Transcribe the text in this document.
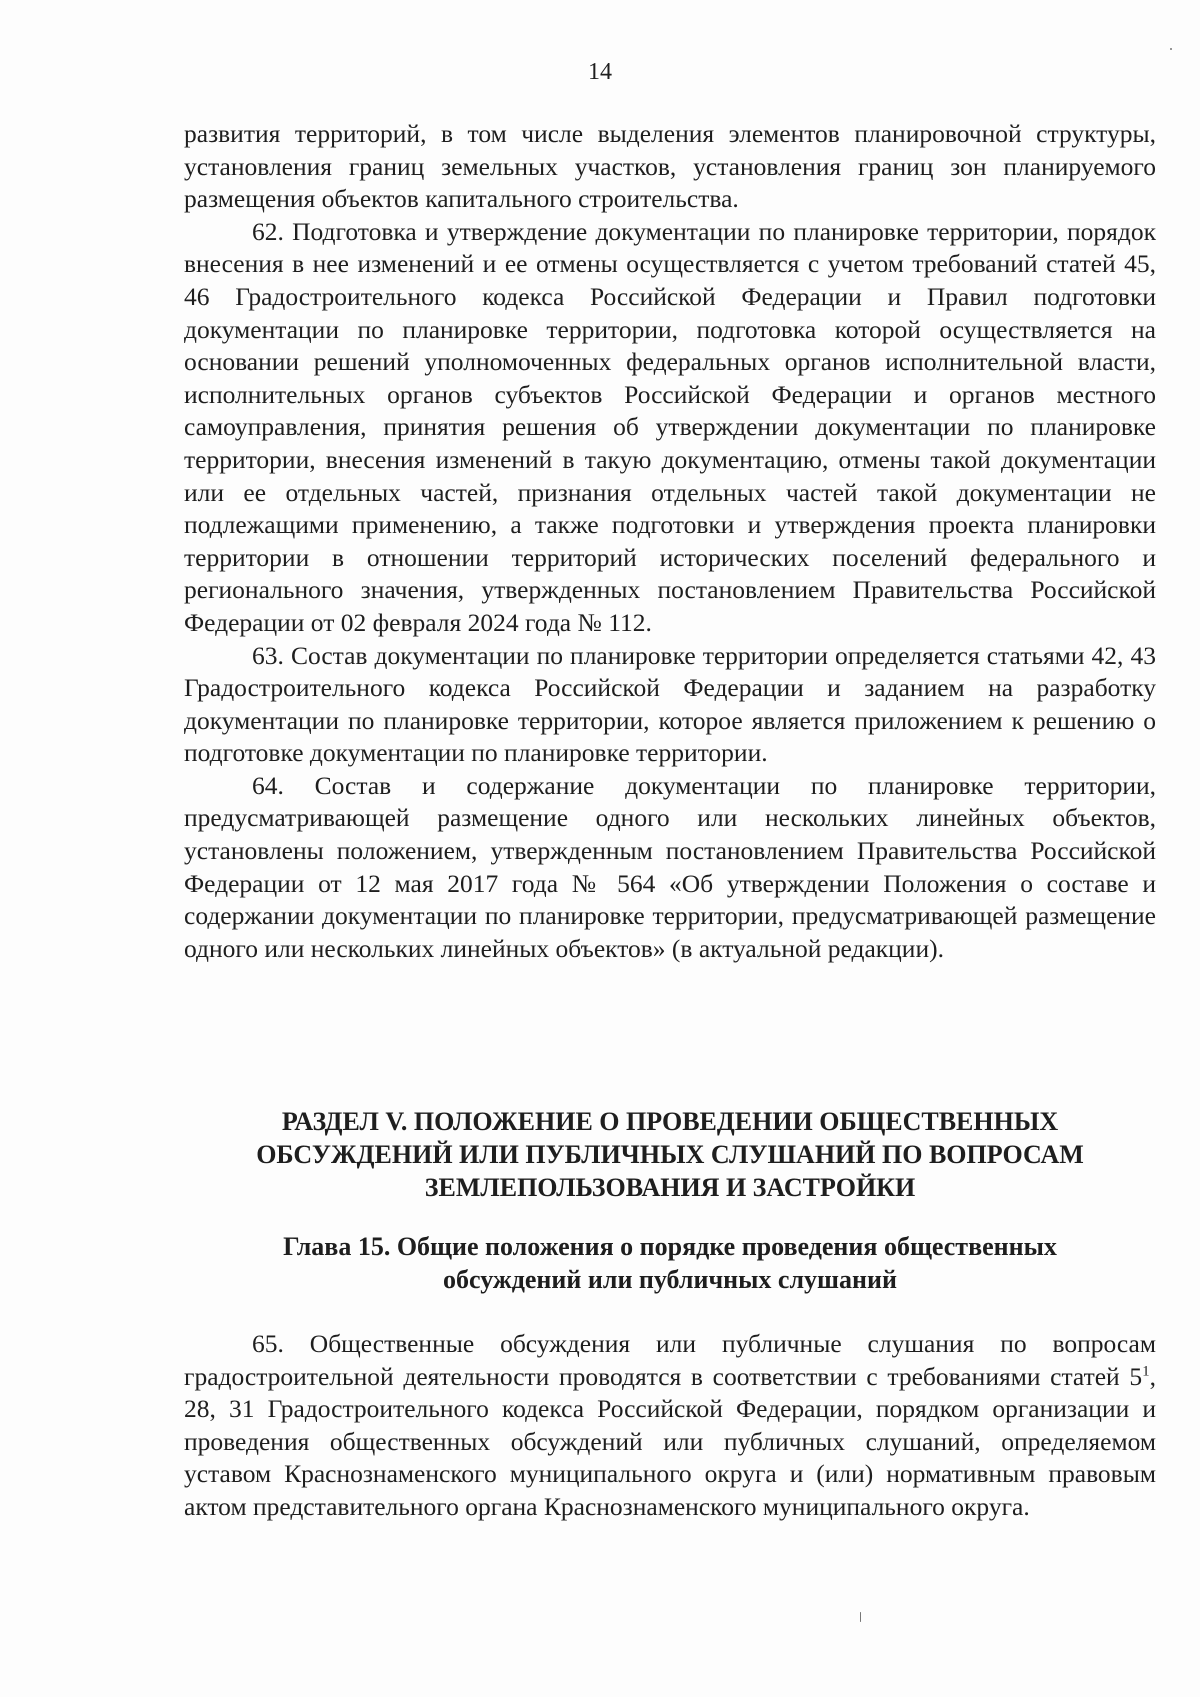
14

развития территорий, в том числе выделения элементов планировочной структуры, установления границ земельных участков, установления границ зон планируемого размещения объектов капитального строительства.

62. Подготовка и утверждение документации по планировке территории, порядок внесения в нее изменений и ее отмены осуществляется с учетом требований статей 45, 46 Градостроительного кодекса Российской Федерации и Правил подготовки документации по планировке территории, подготовка которой осуществляется на основании решений уполномоченных федеральных органов исполнительной власти, исполнительных органов субъектов Российской Федерации и органов местного самоуправления, принятия решения об утверждении документации по планировке территории, внесения изменений в такую документацию, отмены такой документации или ее отдельных частей, признания отдельных частей такой документации не подлежащими применению, а также подготовки и утверждения проекта планировки территории в отношении территорий исторических поселений федерального и регионального значения, утвержденных постановлением Правительства Российской Федерации от 02 февраля 2024 года № 112.

63. Состав документации по планировке территории определяется статьями 42, 43 Градостроительного кодекса Российской Федерации и заданием на разработку документации по планировке территории, которое является приложением к решению о подготовке документации по планировке территории.

64. Состав и содержание документации по планировке территории, предусматривающей размещение одного или нескольких линейных объектов, установлены положением, утвержденным постановлением Правительства Российской Федерации от 12 мая 2017 года № 564 «Об утверждении Положения о составе и содержании документации по планировке территории, предусматривающей размещение одного или нескольких линейных объектов» (в актуальной редакции).

РАЗДЕЛ V. ПОЛОЖЕНИЕ О ПРОВЕДЕНИИ ОБЩЕСТВЕННЫХ
ОБСУЖДЕНИЙ ИЛИ ПУБЛИЧНЫХ СЛУШАНИЙ ПО ВОПРОСАМ
ЗЕМЛЕПОЛЬЗОВАНИЯ И ЗАСТРОЙКИ
Глава 15. Общие положения о порядке проведения общественных
обсуждений или публичных слушаний

65. Общественные обсуждения или публичные слушания по вопросам градостроительной деятельности проводятся в соответствии с требованиями статей $5^1$, 28, 31 Градостроительного кодекса Российской Федерации, порядком организации и проведения общественных обсуждений или публичных слушаний, определяемом уставом Краснознаменского муниципального округа и (или) нормативным правовым актом представительного органа Краснознаменского муниципального округа.
